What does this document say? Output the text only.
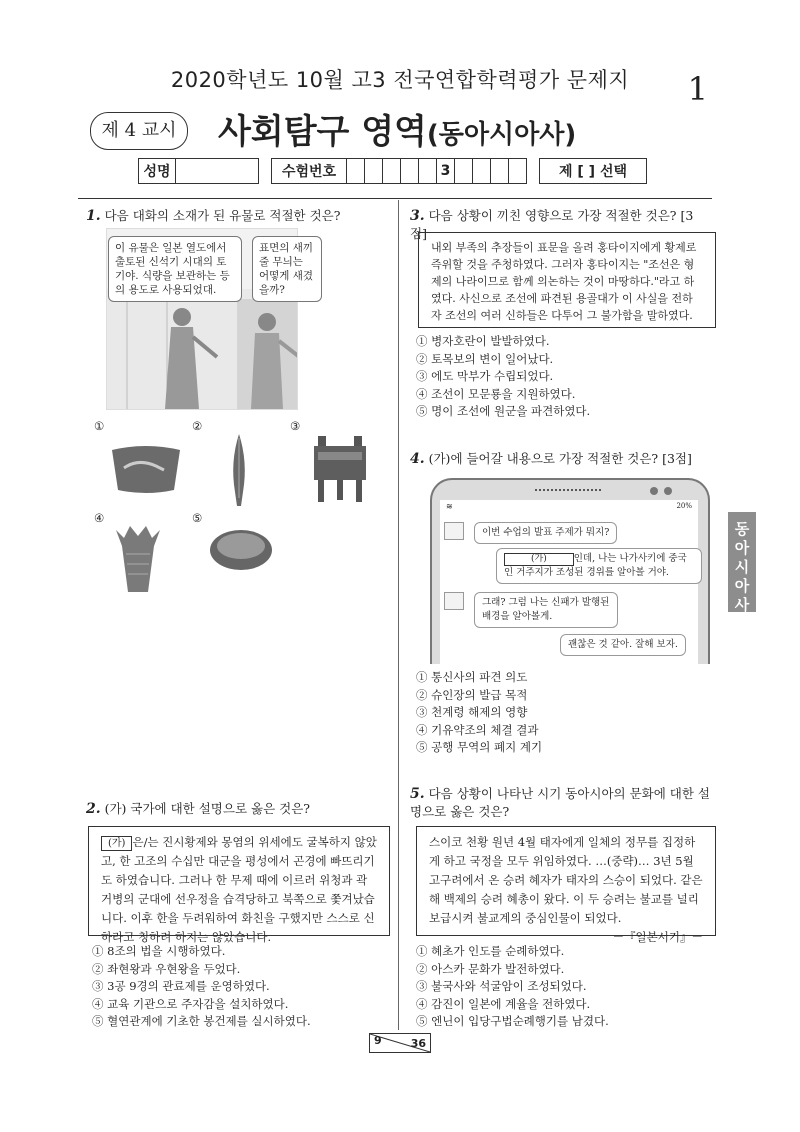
2020학년도 10월 고3 전국연합학력평가 문제지	1
제 4 교시	사회탐구 영역(동아시아사)
성명			수험번호						3						제 [ ] 선택
1. 다음 대화의 소재가 된 유물로 적절한 것은?
이 유물은 일본 열도에서 출토된 신석기 시대의 토기야. 식량을 보관하는 등의 용도로 사용되었대.
표면의 새끼줄 무늬는 어떻게 새겼을까?
①	②	③
④	⑤
2. (가) 국가에 대한 설명으로 옳은 것은?
(가) 은/는 진시황제와 몽염의 위세에도 굴복하지 않았고, 한 고조의 수십만 대군을 평성에서 곤경에 빠뜨리기도 하였습니다. 그러나 한 무제 때에 이르러 위청과 곽거병의 군대에 선우정을 습격당하고 북쪽으로 쫓겨났습니다. 이후 한을 두려워하여 화친을 구했지만 스스로 신하라고 칭하려 하지는 않았습니다.
① 8조의 법을 시행하였다.
② 좌현왕과 우현왕을 두었다.
③ 3공 9경의 관료제를 운영하였다.
④ 교육 기관으로 주자감을 설치하였다.
⑤ 혈연관계에 기초한 봉건제를 실시하였다.
3. 다음 상황이 끼친 영향으로 가장 적절한 것은? [3점]
내외 부족의 추장들이 표문을 올려 홍타이지에게 황제로 즉위할 것을 주청하였다. 그러자 홍타이지는 "조선은 형제의 나라이므로 함께 의논하는 것이 마땅하다."라고 하였다. 사신으로 조선에 파견된 용골대가 이 사실을 전하자 조선의 여러 신하들은 다투어 그 불가함을 말하였다.
① 병자호란이 발발하였다.
② 토목보의 변이 일어났다.
③ 에도 막부가 수립되었다.
④ 조선이 모문룡을 지원하였다.
⑤ 명이 조선에 원군을 파견하였다.
4. (가)에 들어갈 내용으로 가장 적절한 것은? [3점]
≋	20%
이번 수업의 발표 주제가 뭐지?
(가)	인데, 나는 나가사키에 중국인 거주지가 조성된 경위를 알아볼 거야.
그래? 그럼 나는 신패가 발행된 배경을 알아볼게.
괜찮은 것 같아. 잘해 보자.
① 통신사의 파견 의도
② 슈인장의 발급 목적
③ 천계령 해제의 영향
④ 기유약조의 체결 결과
⑤ 공행 무역의 폐지 계기
5. 다음 상황이 나타난 시기 동아시아의 문화에 대한 설명으로 옳은 것은?
스이코 천황 원년 4월 태자에게 일체의 정무를 집정하게 하고 국정을 모두 위임하였다. …(중략)… 3년 5월 고구려에서 온 승려 혜자가 태자의 스승이 되었다. 같은 해 백제의 승려 혜총이 왔다. 이 두 승려는 불교를 널리 보급시켜 불교계의 중심인물이 되었다.
－『일본서기』－
① 혜초가 인도를 순례하였다.
② 아스카 문화가 발전하였다.
③ 불국사와 석굴암이 조성되었다.
④ 감진이 일본에 계율을 전하였다.
⑤ 엔닌이 입당구법순례행기를 남겼다.
동아시아사
9	36
